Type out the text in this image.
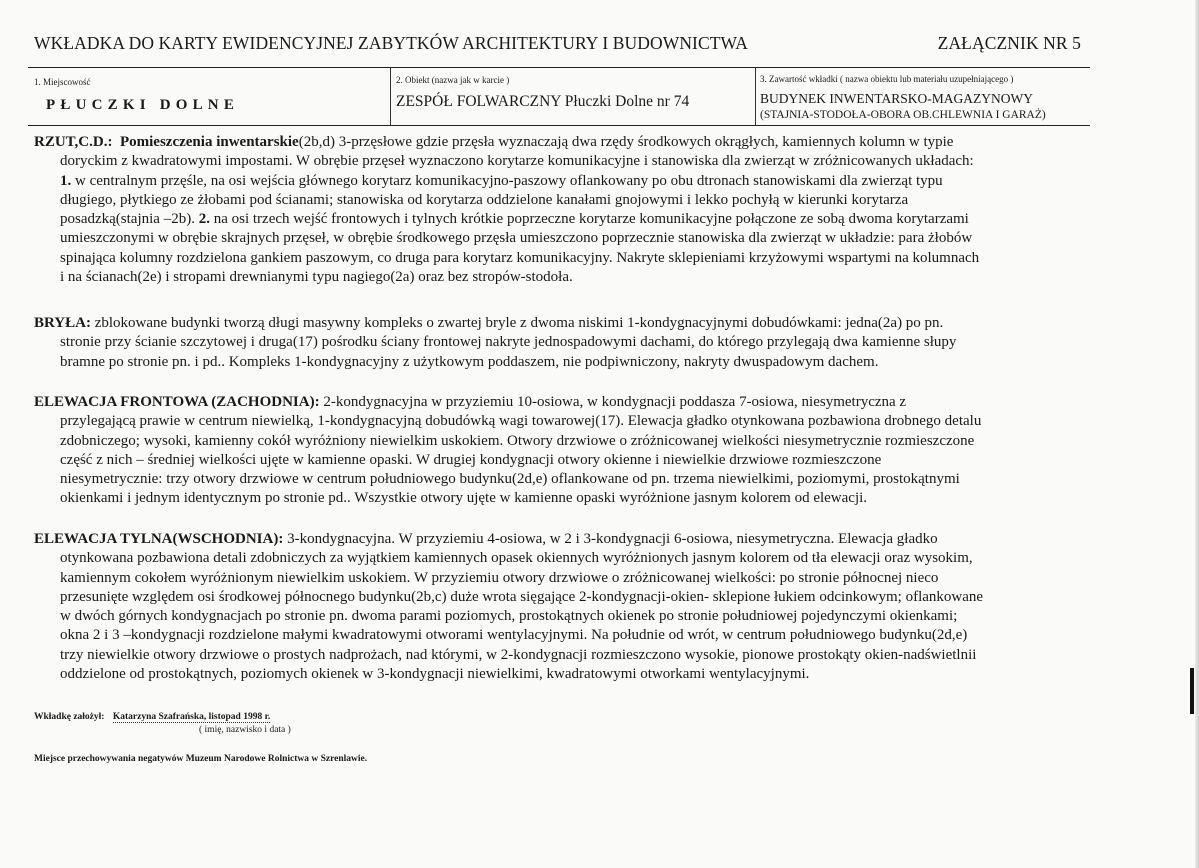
WKŁADKA DO KARTY EWIDENCYJNEJ ZABYTKÓW ARCHITEKTURY I BUDOWNICTWA	ZAŁĄCZNIK NR 5
1. Miejscowość
PŁUCZKI DOLNE
2. Obiekt (nazwa jak w karcie )
ZESPÓŁ FOLWARCZNY Płuczki Dolne nr 74
3. Zawartość wkładki ( nazwa obiektu lub materiału uzupełniającego )
BUDYNEK INWENTARSKO-MAGAZYNOWY
(STAJNIA-STODOŁA-OBORA OB.CHLEWNIA I GARAŻ)
RZUT,C.D.: Pomieszczenia inwentarskie(2b,d) 3-przęsłowe gdzie przęsła wyznaczają dwa rzędy środkowych okrągłych, kamiennych kolumn w typie
doryckim z kwadratowymi impostami. W obrębie przęseł wyznaczono korytarze komunikacyjne i stanowiska dla zwierząt w zróżnicowanych układach:
1. w centralnym przęśle, na osi wejścia głównego korytarz komunikacyjno-paszowy oflankowany po obu dtronach stanowiskami dla zwierząt typu
długiego, płytkiego ze żłobami pod ścianami; stanowiska od korytarza oddzielone kanałami gnojowymi i lekko pochyłą w kierunki korytarza
posadzką(stajnia –2b). 2. na osi trzech wejść frontowych i tylnych krótkie poprzeczne korytarze komunikacyjne połączone ze sobą dwoma korytarzami
umieszczonymi w obrębie skrajnych przęseł, w obrębie środkowego przęsła umieszczono poprzecznie stanowiska dla zwierząt w układzie: para żłobów
spinająca kolumny rozdzielona gankiem paszowym, co druga para korytarz komunikacyjny. Nakryte sklepieniami krzyżowymi wspartymi na kolumnach
i na ścianach(2e) i stropami drewnianymi typu nagiego(2a) oraz bez stropów-stodoła.
BRYŁA: zblokowane budynki tworzą długi masywny kompleks o zwartej bryle z dwoma niskimi 1-kondygnacyjnymi dobudówkami: jedna(2a) po pn.
stronie przy ścianie szczytowej i druga(17) pośrodku ściany frontowej nakryte jednospadowymi dachami, do którego przylegają dwa kamienne słupy
bramne po stronie pn. i pd.. Kompleks 1-kondygnacyjny z użytkowym poddaszem, nie podpiwniczony, nakryty dwuspadowym dachem.
ELEWACJA FRONTOWA (ZACHODNIA): 2-kondygnacyjna w przyziemiu 10-osiowa, w kondygnacji poddasza 7-osiowa, niesymetryczna z
przylegającą prawie w centrum niewielką, 1-kondygnacyjną dobudówką wagi towarowej(17). Elewacja gładko otynkowana pozbawiona drobnego detalu
zdobniczego; wysoki, kamienny cokół wyróżniony niewielkim uskokiem. Otwory drzwiowe o zróżnicowanej wielkości niesymetrycznie rozmieszczone
część z nich – średniej wielkości ujęte w kamienne opaski. W drugiej kondygnacji otwory okienne i niewielkie drzwiowe rozmieszczone
niesymetrycznie: trzy otwory drzwiowe w centrum południowego budynku(2d,e) oflankowane od pn. trzema niewielkimi, poziomymi, prostokątnymi
okienkami i jednym identycznym po stronie pd.. Wszystkie otwory ujęte w kamienne opaski wyróżnione jasnym kolorem od elewacji.
ELEWACJA TYLNA(WSCHODNIA): 3-kondygnacyjna. W przyziemiu 4-osiowa, w 2 i 3-kondygnacji 6-osiowa, niesymetryczna. Elewacja gładko
otynkowana pozbawiona detali zdobniczych za wyjątkiem kamiennych opasek okiennych wyróżnionych jasnym kolorem od tła elewacji oraz wysokim,
kamiennym cokołem wyróżnionym niewielkim uskokiem. W przyziemiu otwory drzwiowe o zróżnicowanej wielkości: po stronie północnej nieco
przesunięte względem osi środkowej północnego budynku(2b,c) duże wrota sięgające 2-kondygnacji-okien- sklepione łukiem odcinkowym; oflankowane
w dwóch górnych kondygnacjach po stronie pn. dwoma parami poziomych, prostokątnych okienek po stronie południowej pojedynczymi okienkami;
okna 2 i 3 –kondygnacji rozdzielone małymi kwadratowymi otworami wentylacyjnymi. Na południe od wrót, w centrum południowego budynku(2d,e)
trzy niewielkie otwory drzwiowe o prostych nadprożach, nad którymi, w 2-kondygnacji rozmieszczono wysokie, pionowe prostokąty okien-nadświetlnii
oddzielone od prostokątnych, poziomych okienek w 3-kondygnacji niewielkimi, kwadratowymi otworkami wentylacyjnymi.
Wkładkę założył: Katarzyna Szafrańska, listopad 1998 r.
( imię, nazwisko i data )
Miejsce przechowywania negatywów Muzeum Narodowe Rolnictwa w Szrenlawie.
